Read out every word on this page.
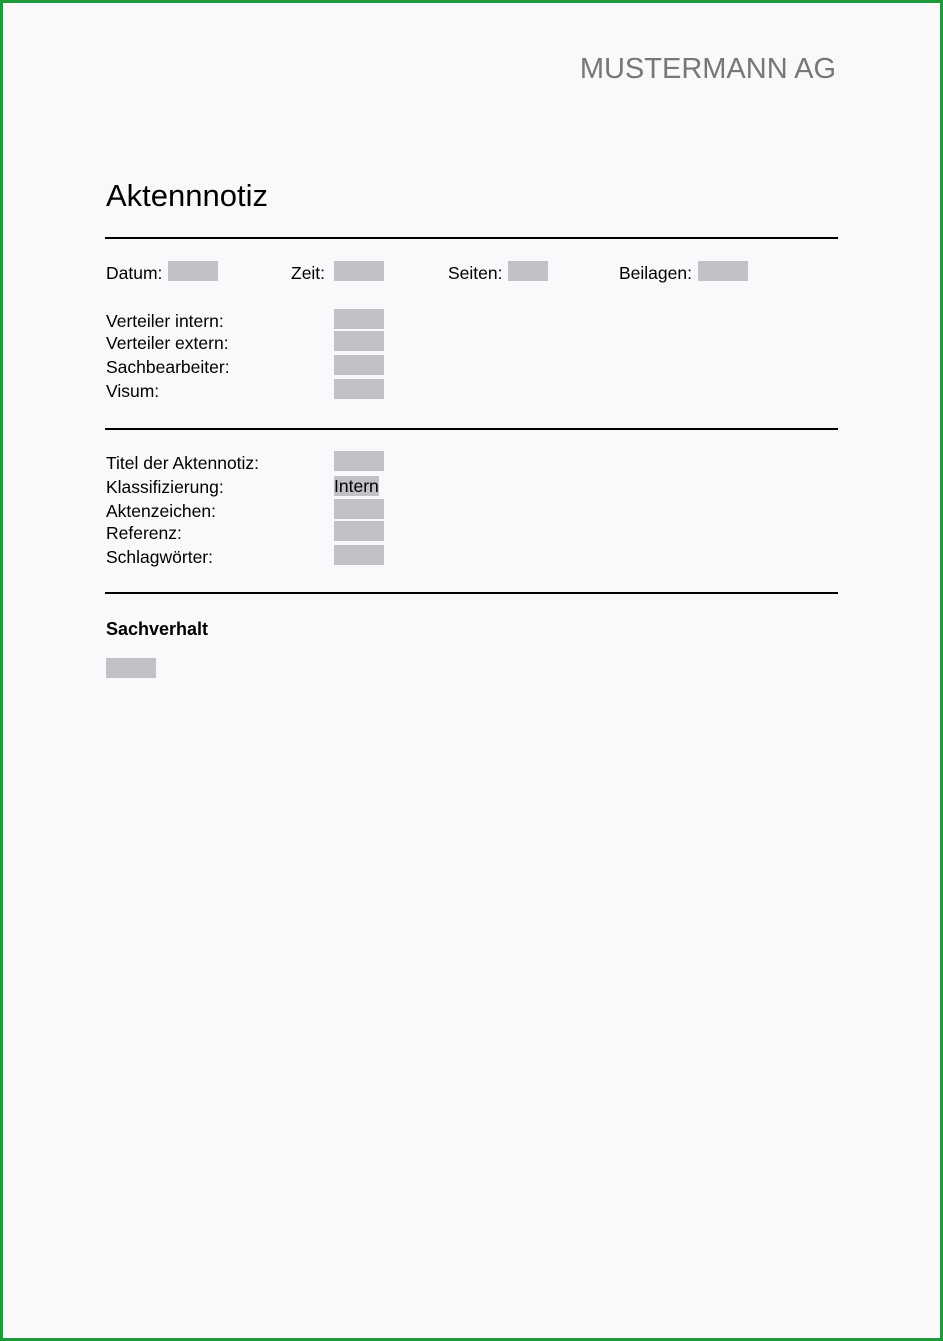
MUSTERMANN AG
Aktennnotiz
Datum:	Zeit:	Seiten:	Beilagen:
Verteiler intern:
Verteiler extern:
Sachbearbeiter:
Visum:
Titel der Aktennotiz:
Klassifizierung:	Intern
Aktenzeichen:
Referenz:
Schlagwörter:
Sachverhalt
